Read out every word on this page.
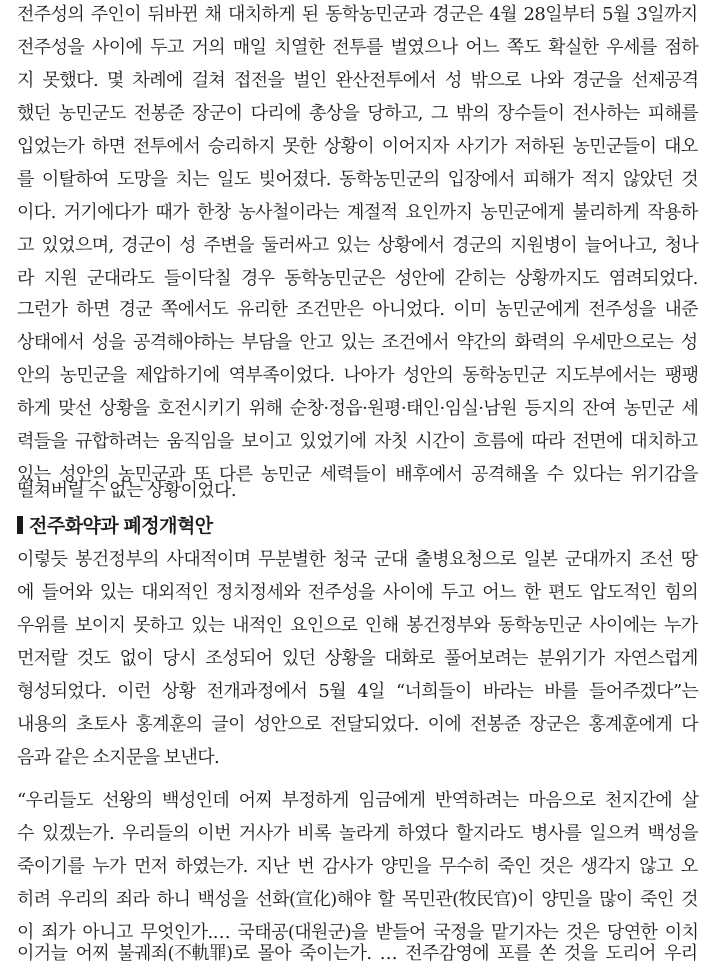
전주성의 주인이 뒤바뀐 채 대치하게 된 동학농민군과 경군은 4월 28일부터 5월 3일까지
전주성을 사이에 두고 거의 매일 치열한 전투를 벌였으나 어느 쪽도 확실한 우세를 점하
지 못했다. 몇 차례에 걸쳐 접전을 벌인 완산전투에서 성 밖으로 나와 경군을 선제공격
했던 농민군도 전봉준 장군이 다리에 총상을 당하고, 그 밖의 장수들이 전사하는 피해를
입었는가 하면 전투에서 승리하지 못한 상황이 이어지자 사기가 저하된 농민군들이 대오
를 이탈하여 도망을 치는 일도 빚어졌다. 동학농민군의 입장에서 피해가 적지 않았던 것
이다. 거기에다가 때가 한창 농사철이라는 계절적 요인까지 농민군에게 불리하게 작용하
고 있었으며, 경군이 성 주변을 둘러싸고 있는 상황에서 경군의 지원병이 늘어나고, 청나
라 지원 군대라도 들이닥칠 경우 동학농민군은 성안에 갇히는 상황까지도 염려되었다.
그런가 하면 경군 쪽에서도 유리한 조건만은 아니었다. 이미 농민군에게 전주성을 내준
상태에서 성을 공격해야하는 부담을 안고 있는 조건에서 약간의 화력의 우세만으로는 성
안의 농민군을 제압하기에 역부족이었다. 나아가 성안의 동학농민군 지도부에서는 팽팽
하게 맞선 상황을 호전시키기 위해 순창·정읍·원평·태인·임실·남원 등지의 잔여 농민군 세
력들을 규합하려는 움직임을 보이고 있었기에 자칫 시간이 흐름에 따라 전면에 대치하고
있는 성안의 농민군과 또 다른 농민군 세력들이 배후에서 공격해올 수 있다는 위기감을
떨쳐버릴 수 없는 상황이었다.
전주화약과 폐정개혁안
이렇듯 봉건정부의 사대적이며 무분별한 청국 군대 출병요청으로 일본 군대까지 조선 땅
에 들어와 있는 대외적인 정치정세와 전주성을 사이에 두고 어느 한 편도 압도적인 힘의
우위를 보이지 못하고 있는 내적인 요인으로 인해 봉건정부와 동학농민군 사이에는 누가
먼저랄 것도 없이 당시 조성되어 있던 상황을 대화로 풀어보려는 분위기가 자연스럽게
형성되었다. 이런 상황 전개과정에서 5월 4일 “너희들이 바라는 바를 들어주겠다”는
내용의 초토사 홍계훈의 글이 성안으로 전달되었다. 이에 전봉준 장군은 홍계훈에게 다
음과 같은 소지문을 보낸다.
“우리들도 선왕의 백성인데 어찌 부정하게 임금에게 반역하려는 마음으로 천지간에 살
수 있겠는가. 우리들의 이번 거사가 비록 놀라게 하였다 할지라도 병사를 일으켜 백성을
죽이기를 누가 먼저 하였는가. 지난 번 감사가 양민을 무수히 죽인 것은 생각지 않고 오
히려 우리의 죄라 하니 백성을 선화(宣化)해야 할 목민관(牧民官)이 양민을 많이 죽인 것
이 죄가 아니고 무엇인가.… 국태공(대원군)을 받들어 국정을 맡기자는 것은 당연한 이치
이거늘 어찌 불궤죄(不軌罪)로 몰아 죽이는가. … 전주감영에 포를 쏜 것을 도리어 우리
